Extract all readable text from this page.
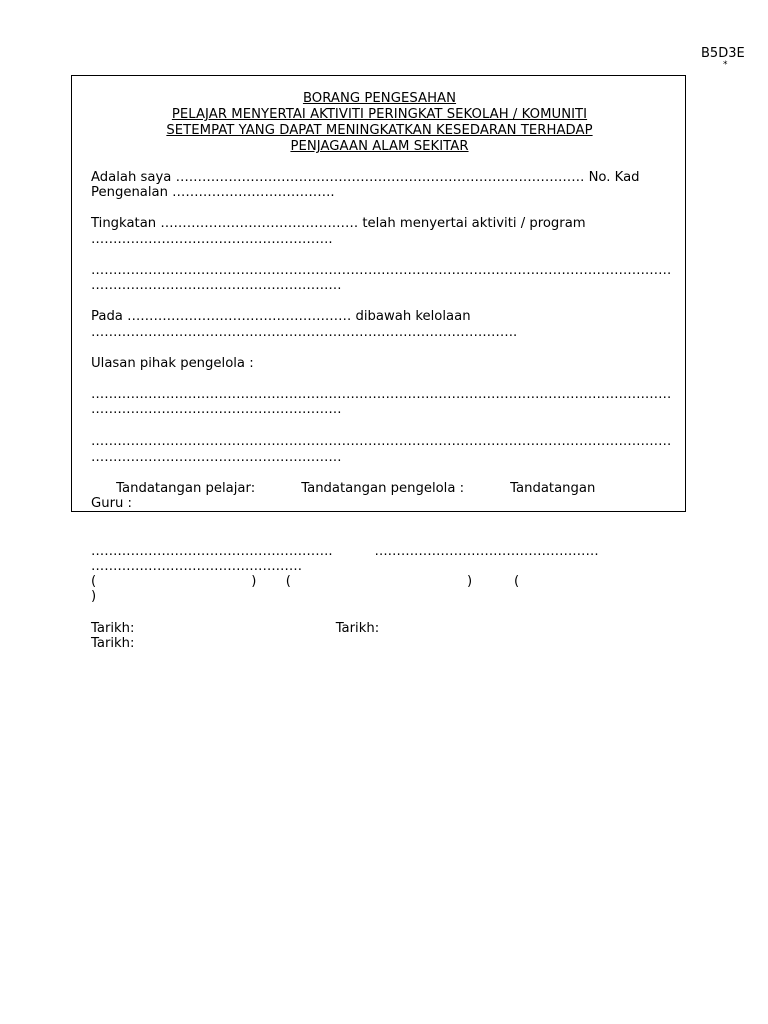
B5D3E
*
BORANG PENGESAHAN
PELAJAR MENYERTAI AKTIVITI PERINGKAT SEKOLAH / KOMUNITI
SETEMPAT YANG DAPAT MENINGKATKAN KESEDARAN TERHADAP
PENJAGAAN ALAM SEKITAR
Adalah saya ………………………………………………………………………………… No. Kad
Pengenalan ……………………………….
Tingkatan ……………………………………… telah menyertai aktiviti / program
……………………………………………….
……………………………………………………………………………………………………………………
…………………………………………………
Pada …………………………………………… dibawah kelolaan
…………………………………………………………………………………….
Ulasan pihak pengelola :
……………………………………………………………………………………………………………………
…………………………………………………
……………………………………………………………………………………………………………………
…………………………………………………
Tandatangan pelajar:           Tandatangan pengelola :           Tandatangan
Guru :
……………………………………………….          ……………………………………………
…………………………………………
(                                     )       (                                          )          (
)
Tarikh:                                                Tarikh:
Tarikh:
